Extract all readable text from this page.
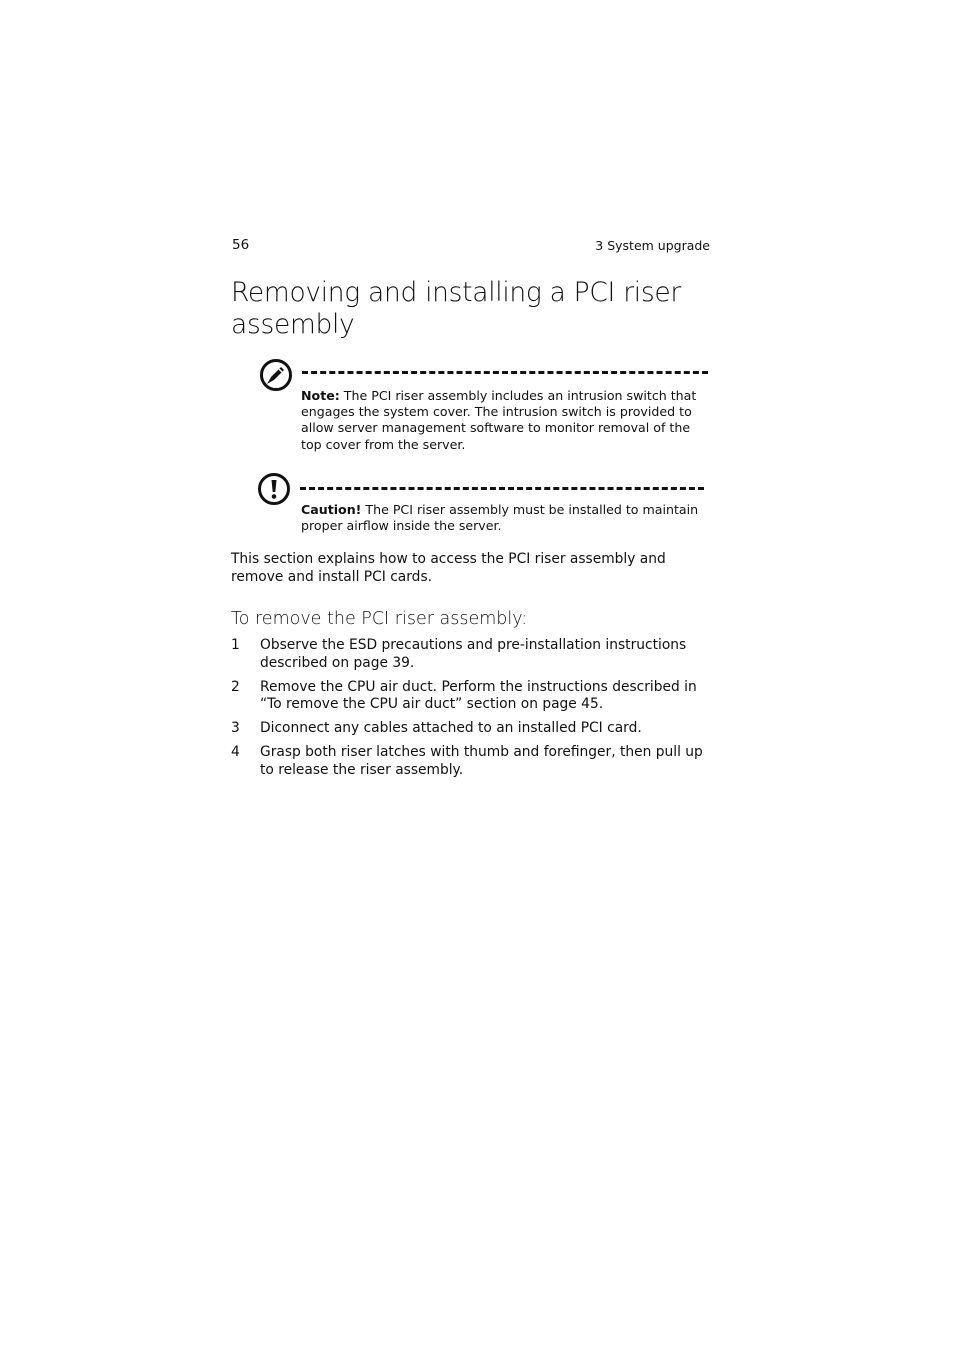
56	3 System upgrade
Removing and installing a PCI riser assembly

Note: The PCI riser assembly includes an intrusion switch that engages the system cover. The intrusion switch is provided to allow server management software to monitor removal of the top cover from the server.

Caution! The PCI riser assembly must be installed to maintain proper airflow inside the server.

This section explains how to access the PCI riser assembly and remove and install PCI cards.

To remove the PCI riser assembly:
1 Observe the ESD precautions and pre-installation instructions described on page 39.
2 Remove the CPU air duct. Perform the instructions described in “To remove the CPU air duct” section on page 45.
3 Diconnect any cables attached to an installed PCI card.
4 Grasp both riser latches with thumb and forefinger, then pull up to release the riser assembly.
